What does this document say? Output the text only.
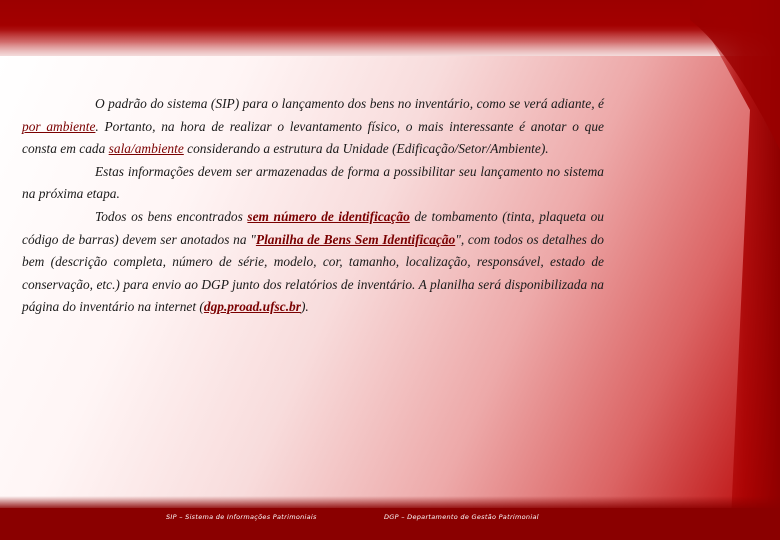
O padrão do sistema (SIP) para o lançamento dos bens no inventário, como se verá adiante, é por ambiente. Portanto, na hora de realizar o levantamento físico, o mais interessante é anotar o que consta em cada sala/ambiente considerando a estrutura da Unidade (Edificação/Setor/Ambiente).

Estas informações devem ser armazenadas de forma a possibilitar seu lançamento no sistema na próxima etapa.

Todos os bens encontrados sem número de identificação de tombamento (tinta, plaqueta ou código de barras) devem ser anotados na "Planilha de Bens Sem Identificação", com todos os detalhes do bem (descrição completa, número de série, modelo, cor, tamanho, localização, responsável, estado de conservação, etc.) para envio ao DGP junto dos relatórios de inventário. A planilha será disponibilizada na página do inventário na internet (dgp.proad.ufsc.br).

SIP – Sistema de Informações Patrimoniais	DGP – Departamento de Gestão Patrimonial
